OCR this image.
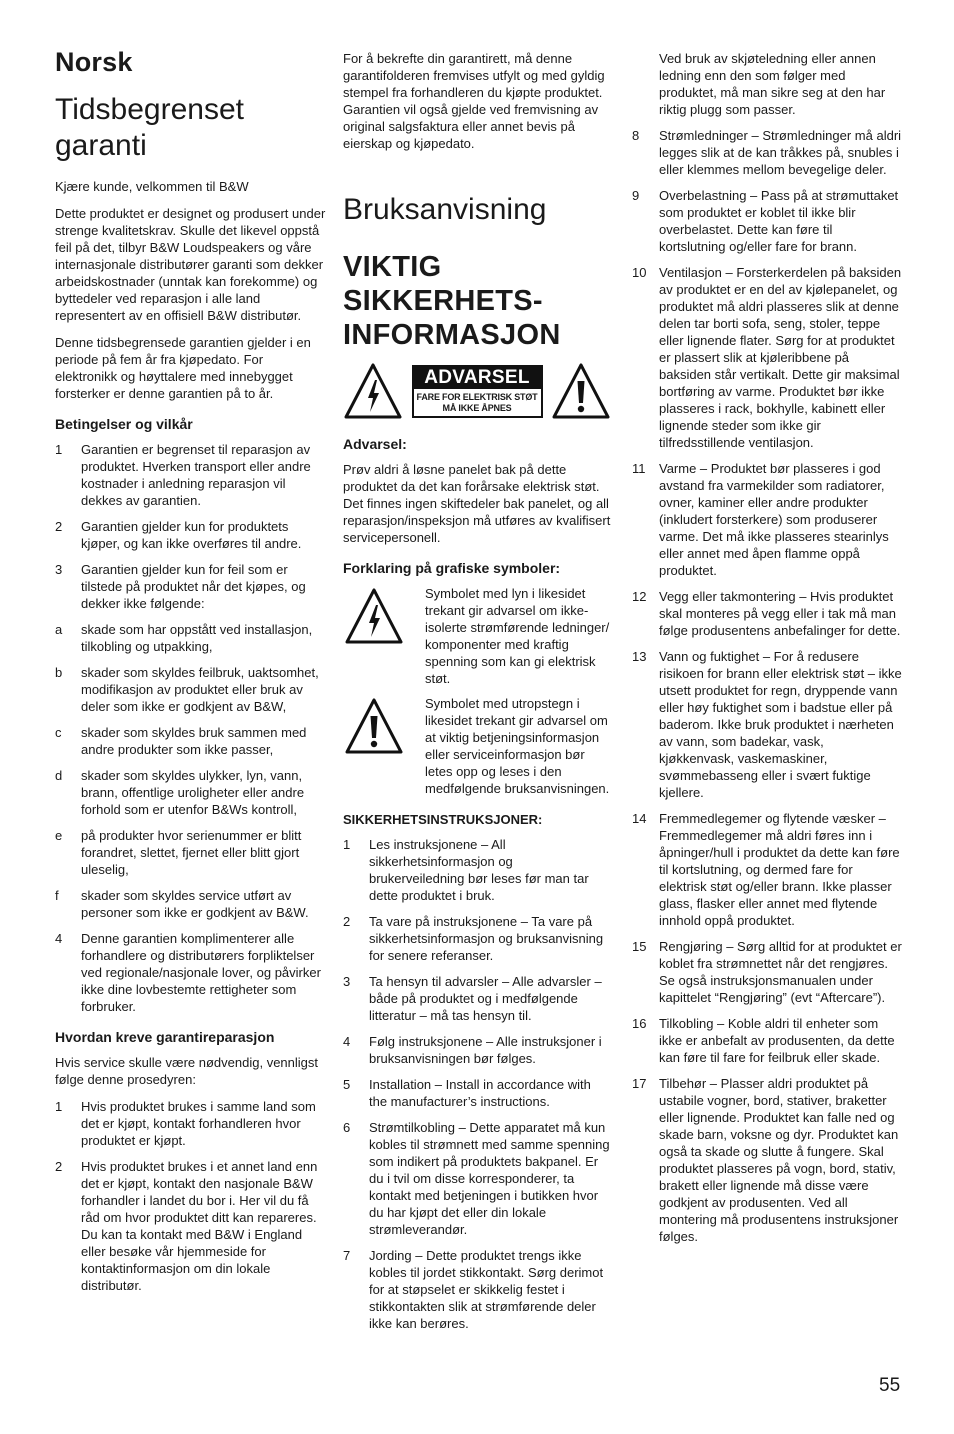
Norsk
Tidsbegrenset garanti

Kjære kunde, velkommen til B&W

Dette produktet er designet og produsert under strenge kvalitetskrav. Skulle det likevel oppstå feil på det, tilbyr B&W Loudspeakers og våre internasjonale distributører garanti som dekker arbeidskostnader (unntak kan forekomme) og byttedeler ved reparasjon i alle land representert av en offisiell B&W distributør.

Denne tidsbegrensede garantien gjelder i en periode på fem år fra kjøpedato. For elektronikk og høyttalere med innebygget forsterker er denne garantien på to år.

Betingelser og vilkår
1	Garantien er begrenset til reparasjon av produktet. Hverken transport eller andre kostnader i anledning reparasjon vil dekkes av garantien.
2	Garantien gjelder kun for produktets kjøper, og kan ikke overføres til andre.
3	Garantien gjelder kun for feil som er tilstede på produktet når det kjøpes, og dekker ikke følgende:
a	skade som har oppstått ved installasjon, tilkobling og utpakking,
b	skader som skyldes feilbruk, uaktsomhet, modifikasjon av produktet eller bruk av deler som ikke er godkjent av B&W,
c	skader som skyldes bruk sammen med andre produkter som ikke passer,
d	skader som skyldes ulykker, lyn, vann, brann, offentlige uroligheter eller andre forhold som er utenfor B&Ws kontroll,
e	på produkter hvor serienummer er blitt forandret, slettet, fjernet eller blitt gjort uleselig,
f	skader som skyldes service utført av personer som ikke er godkjent av B&W.
4	Denne garantien komplimenterer alle forhandlere og distributørers forpliktelser ved regionale/nasjonale lover, og påvirker ikke dine lovbestemte rettigheter som forbruker.
Hvordan kreve garantireparasjon

Hvis service skulle være nødvendig, vennligst følge denne prosedyren:

1	Hvis produktet brukes i samme land som det er kjøpt, kontakt forhandleren hvor produktet er kjøpt.
2	Hvis produktet brukes i et annet land enn det er kjøpt, kontakt den nasjonale B&W forhandler i landet du bor i. Her vil du få råd om hvor produktet ditt kan repareres. Du kan ta kontakt med B&W i England eller besøke vår hjemmeside for kontaktinformasjon om din lokale distributør.

For å bekrefte din garantirett, må denne garantifolderen fremvises utfylt og med gyldig stempel fra forhandleren du kjøpte produktet. Garantien vil også gjelde ved fremvisning av original salgsfaktura eller annet bevis på eierskap og kjøpedato.

Bruksanvisning
VIKTIG
SIKKERHETS-
INFORMASJON
ADVARSEL
FARE FOR ELEKTRISK STØT
MÅ IKKE ÅPNES
Advarsel:

Prøv aldri å løsne panelet bak på dette produktet da det kan forårsake elektrisk støt. Det finnes ingen skiftedeler bak panelet, og all reparasjon/inspeksjon må utføres av kvalifisert servicepersonell.

Forklaring på grafiske symboler:
Symbolet med lyn i likesidet trekant gir advarsel om ikke-isolerte strømførende ledninger/ komponenter med kraftig spenning som kan gi elektrisk støt.
Symbolet med utropstegn i likesidet trekant gir advarsel om at viktig betjeningsinformasjon eller serviceinformasjon bør letes opp og leses i den medfølgende bruksanvisningen.
SIKKERHETSINSTRUKSJONER:
1	Les instruksjonene – All sikkerhetsinformasjon og brukerveiledning bør leses før man tar dette produktet i bruk.
2	Ta vare på instruksjonene – Ta vare på sikkerhetsinformasjon og bruksanvisning for senere referanser.
3	Ta hensyn til advarsler – Alle advarsler – både på produktet og i medfølgende litteratur – må tas hensyn til.
4	Følg instruksjonene – Alle instruksjoner i bruksanvisningen bør følges.
5	Installation – Install in accordance with the manufacturer’s instructions.
6	Strømtilkobling – Dette apparatet må kun kobles til strømnett med samme spenning som indikert på produktets bakpanel. Er du i tvil om disse korresponderer, ta kontakt med betjeningen i butikken hvor du har kjøpt det eller din lokale strømleverandør.
7	Jording – Dette produktet trengs ikke kobles til jordet stikkontakt. Sørg derimot for at støpselet er skikkelig festet i stikkontakten slik at strømførende deler ikke kan berøres.
Ved bruk av skjøteledning eller annen ledning enn den som følger med produktet, må man sikre seg at den har riktig plugg som passer.
8	Strømledninger – Strømledninger må aldri legges slik at de kan tråkkes på, snubles i eller klemmes mellom bevegelige deler.
9	Overbelastning – Pass på at strømuttaket som produktet er koblet til ikke blir overbelastet. Dette kan føre til kortslutning og/eller fare for brann.
10 Ventilasjon – Forsterkerdelen på baksiden av produktet er en del av kjølepanelet, og produktet må aldri plasseres slik at denne delen tar borti sofa, seng, stoler, teppe eller lignende flater. Sørg for at produktet er plassert slik at kjøleribbene på baksiden står vertikalt. Dette gir maksimal bortføring av varme. Produktet bør ikke plasseres i rack, bokhylle, kabinett eller lignende steder som ikke gir tilfredsstillende ventilasjon.
11	Varme – Produktet bør plasseres i god avstand fra varmekilder som radiatorer, ovner, kaminer eller andre produkter (inkludert forsterkere) som produserer varme. Det må ikke plasseres stearinlys eller annet med åpen flamme oppå produktet.
12 Vegg eller takmontering – Hvis produktet skal monteres på vegg eller i tak må man følge produsentens anbefalinger for dette.
13 Vann og fuktighet – For å redusere risikoen for brann eller elektrisk støt – ikke utsett produktet for regn, dryppende vann eller høy fuktighet som i badstue eller på baderom. Ikke bruk produktet i nærheten av vann, som badekar, vask, kjøkkenvask, vaskemaskiner, svømmebasseng eller i svært fuktige kjellere.
14 Fremmedlegemer og flytende væsker – Fremmedlegemer må aldri føres inn i åpninger/hull i produktet da dette kan føre til kortslutning, og dermed fare for elektrisk støt og/eller brann. Ikke plasser glass, flasker eller annet med flytende innhold oppå produktet.
15 Rengjøring – Sørg alltid for at produktet er koblet fra strømnettet når det rengjøres. Se også instruksjonsmanualen under kapittelet “Rengjøring” (evt “Aftercare”).
16 Tilkobling – Koble aldri til enheter som ikke er anbefalt av produsenten, da dette kan føre til fare for feilbruk eller skade.
17 Tilbehør – Plasser aldri produktet på ustabile vogner, bord, stativer, braketter eller lignende. Produktet kan falle ned og skade barn, voksne og dyr. Produktet kan også ta skade og slutte å fungere. Skal produktet plasseres på vogn, bord, stativ, brakett eller lignende må disse være godkjent av produsenten. Ved all montering må produsentens instruksjoner følges.
55
